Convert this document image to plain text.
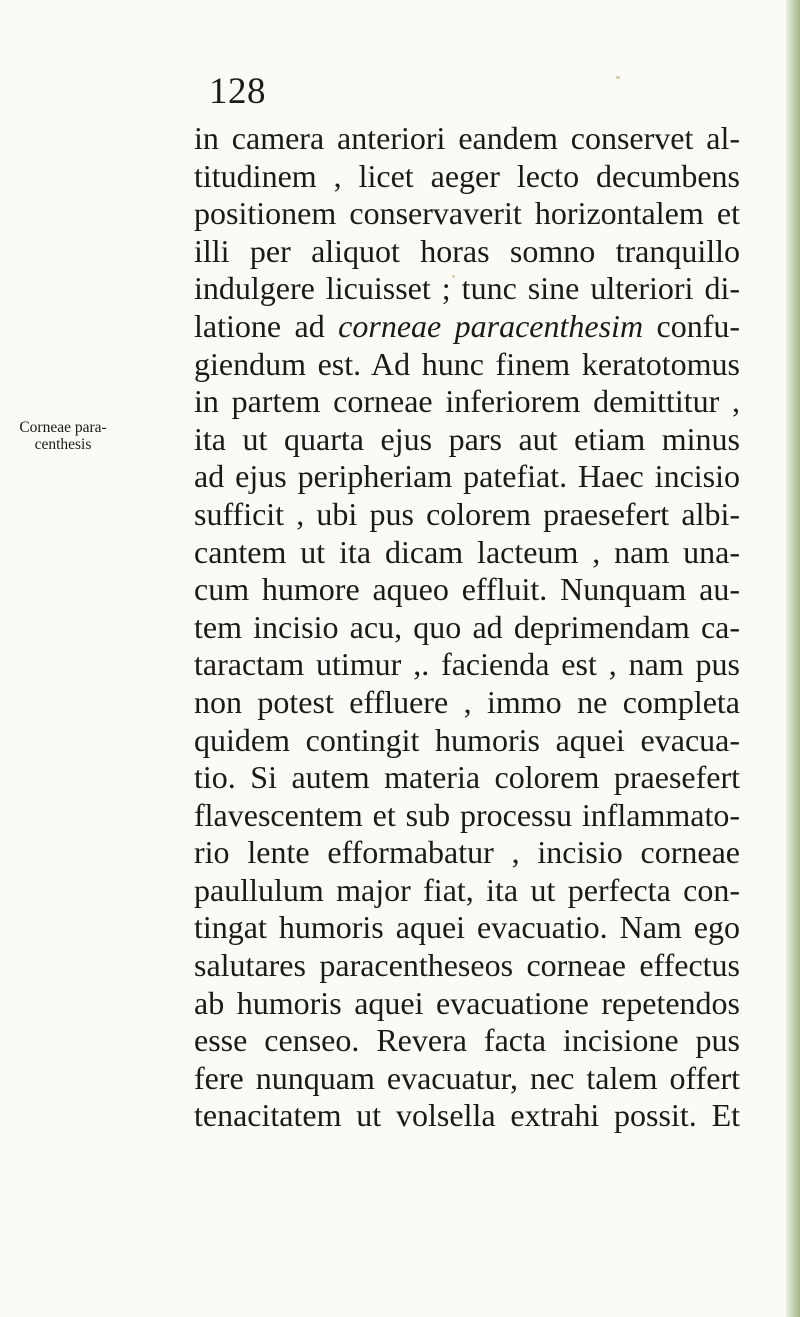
128
Corneae para-
centhesis
in camera anteriori eandem conservet al-
titudinem , licet aeger lecto decumbens
positionem conservaverit horizontalem et
illi per aliquot horas somno tranquillo
indulgere licuisset ; tunc sine ulteriori di-
latione ad corneae paracenthesim confu-
giendum est. Ad hunc finem keratotomus
in partem corneae inferiorem demittitur ,
ita ut quarta ejus pars aut etiam minus
ad ejus peripheriam patefiat. Haec incisio
sufficit , ubi pus colorem praesefert albi-
cantem ut ita dicam lacteum , nam una-
cum humore aqueo effluit. Nunquam au-
tem incisio acu, quo ad deprimendam ca-
taractam utimur ,. facienda est , nam pus
non potest effluere , immo ne completa
quidem contingit humoris aquei evacua-
tio. Si autem materia colorem praesefert
flavescentem et sub processu inflammato-
rio lente efformabatur , incisio corneae
paullulum major fiat, ita ut perfecta con-
tingat humoris aquei evacuatio. Nam ego
salutares paracentheseos corneae effectus
ab humoris aquei evacuatione repetendos
esse censeo. Revera facta incisione pus
fere nunquam evacuatur, nec talem offert
tenacitatem ut volsella extrahi possit. Et
